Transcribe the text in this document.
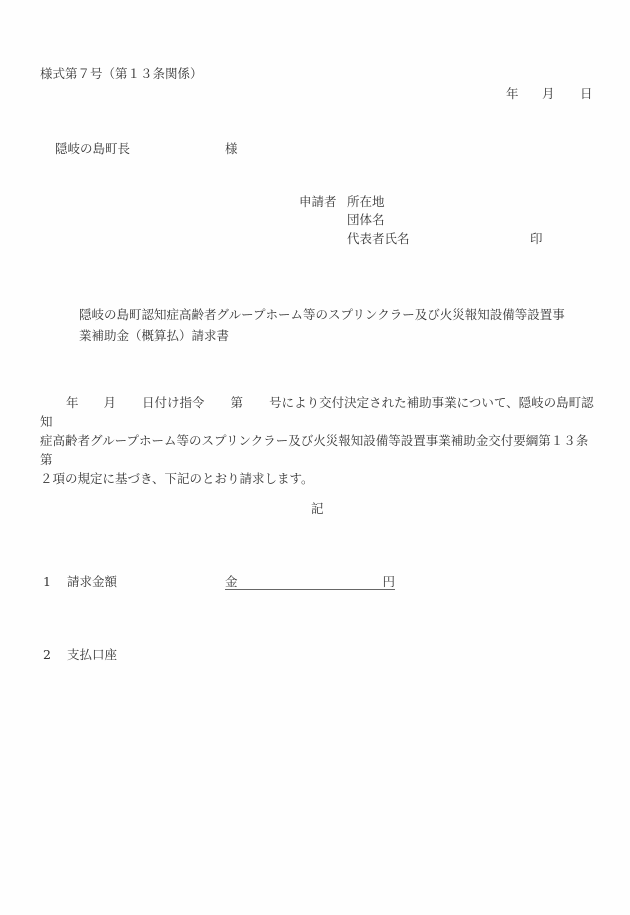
様式第７号（第１３条関係）
年 月 日
隠岐の島町長	様
申請者 所在地
団体名
代表者氏名	印
隠岐の島町認知症高齢者グループホーム等のスプリンクラー及び火災報知設備等設置事
業補助金（概算払）請求書
年 月 日付け指令 第 号により交付決定された補助事業について、隠岐の島町認知
症高齢者グループホーム等のスプリンクラー及び火災報知設備等設置事業補助金交付要綱第１３条第
２項の規定に基づき、下記のとおり請求します。
記
1 請求金額	金	円
2 支払口座
